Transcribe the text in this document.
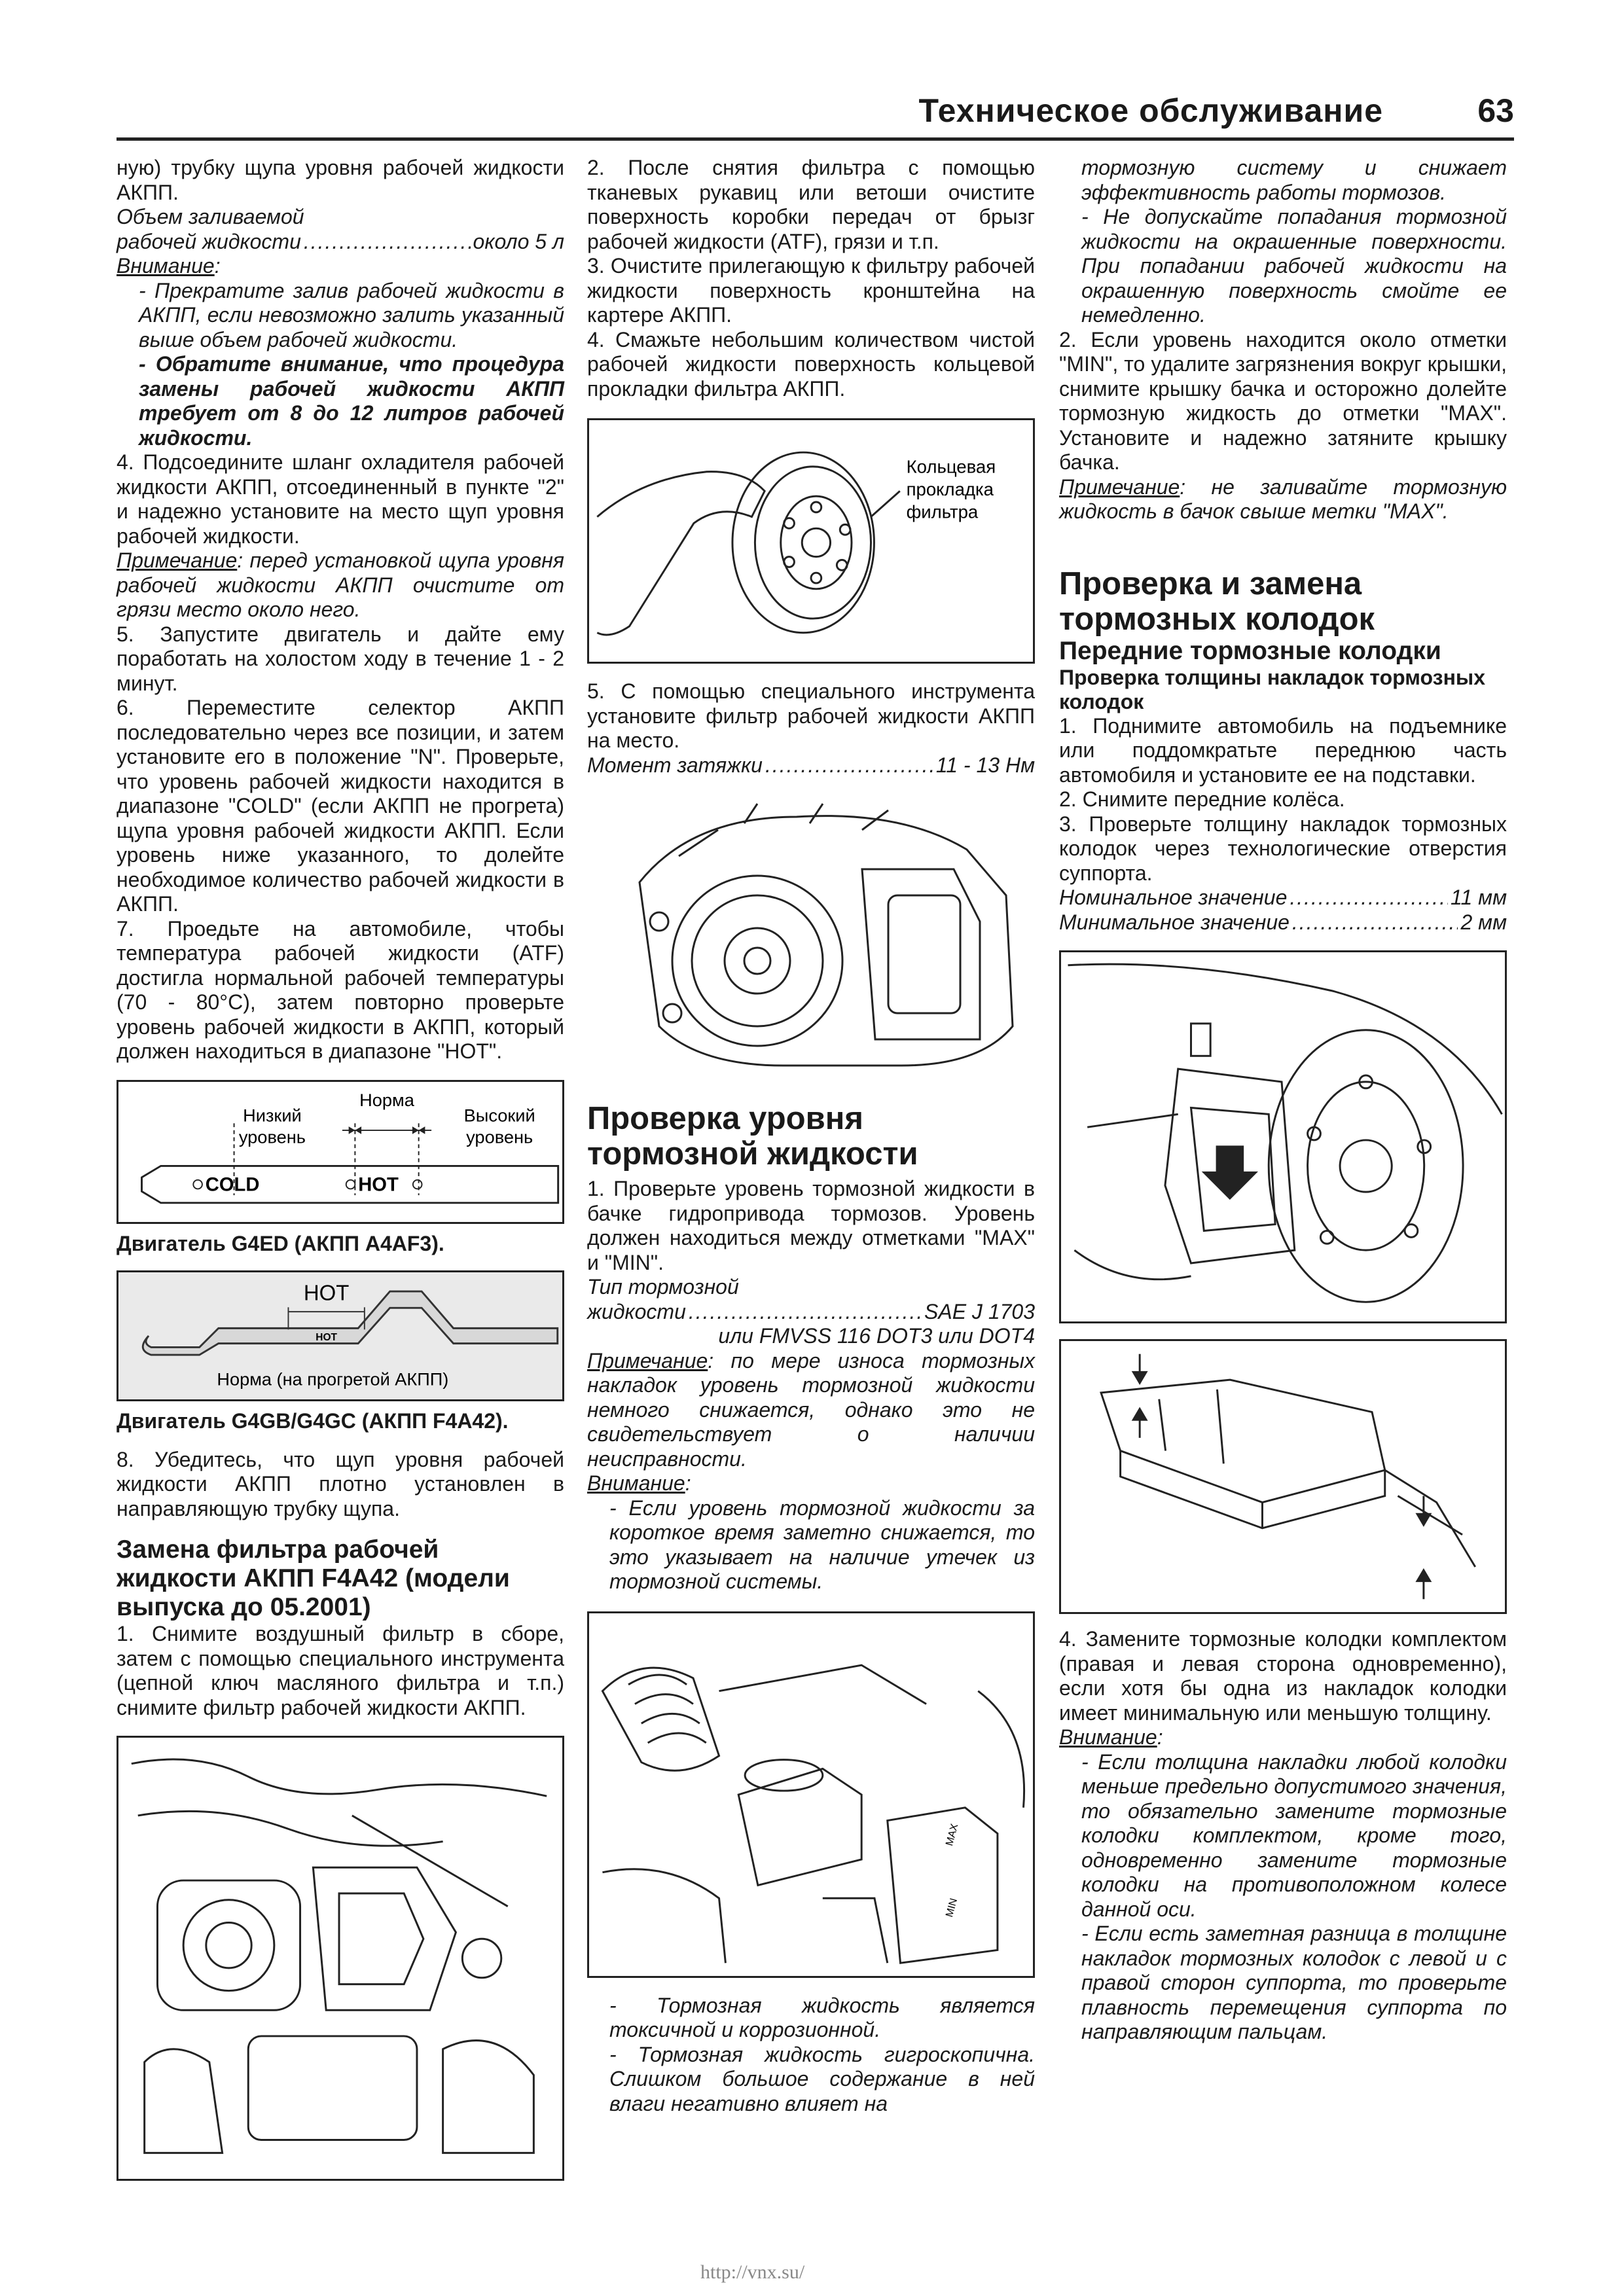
Техническое обслуживание	63

ную) трубку щупа уровня рабочей жидкости АКПП.

Объем заливаемой

рабочей жидкости .....	около 5 л

Внимание:

- Прекратите залив рабочей жидкости в АКПП, если невозможно залить указанный выше объем рабочей жидкости.

- Обратите внимание, что процедура замены рабочей жидкости АКПП требует от 8 до 12 литров рабочей жидкости.

4. Подсоедините шланг охладителя рабочей жидкости АКПП, отсоединенный в пункте "2" и надежно установите на место щуп уровня рабочей жидкости.

Примечание: перед установкой щупа уровня рабочей жидкости АКПП очистите от грязи место около него.

5. Запустите двигатель и дайте ему поработать на холостом ходу в течение 1 - 2 минут.

6. Переместите селектор АКПП последовательно через все позиции, и затем установите его в положение "N". Проверьте, что уровень рабочей жидкости находится в диапазоне "COLD" (если АКПП не прогрета) щупа уровня рабочей жидкости АКПП. Если уровень ниже указанного, то долейте необходимое количество рабочей жидкости в АКПП.

7. Проедьте на автомобиле, чтобы температура рабочей жидкости (ATF) достигла нормальной рабочей температуры (70 - 80°C), затем повторно проверьте уровень рабочей жидкости в АКПП, который должен находиться в диапазоне "HOT".

Норма
Низкий
уровень
Высокий
уровень
COLD	HOT

Двигатель G4ED (АКПП A4AF3).

HOT
HOT
Норма (на прогретой АКПП)

Двигатель G4GB/G4GC (АКПП F4A42).

8. Убедитесь, что щуп уровня рабочей жидкости АКПП плотно установлен в направляющую трубку щупа.

Замена фильтра рабочей жидкости АКПП F4A42 (модели выпуска до 05.2001)

1. Снимите воздушный фильтр в сборе, затем с помощью специального инструмента (цепной ключ масляного фильтра и т.п.) снимите фильтр рабочей жидкости АКПП.

2. После снятия фильтра с помощью тканевых рукавиц или ветоши очистите поверхность коробки передач от брызг рабочей жидкости (ATF), грязи и т.п.

3. Очистите прилегающую к фильтру рабочей жидкости поверхность кронштейна на картере АКПП.

4. Смажьте небольшим количеством чистой рабочей жидкости поверхность кольцевой прокладки фильтра АКПП.

Кольцевая
прокладка
фильтра

5. С помощью специального инструмента установите фильтр рабочей жидкости АКПП на место.

Момент затяжки .....	11 - 13 Нм
Проверка уровня тормозной жидкости

1. Проверьте уровень тормозной жидкости в бачке гидропривода тормозов. Уровень должен находиться между отметками "MAX" и "MIN".

Тип тормозной

жидкости .....	SAE J 1703

или FMVSS 116 DOT3 или DOT4

Примечание: по мере износа тормозных накладок уровень тормозной жидкости немного снижается, однако это не свидетельствует о наличии неисправности.

Внимание:

- Если уровень тормозной жидкости за короткое время заметно снижается, то это указывает на наличие утечек из тормозной системы.

MAX
MIN

- Тормозная жидкость является токсичной и коррозионной.

- Тормозная жидкость гигроскопична. Слишком большое содержание в ней влаги негативно влияет на

тормозную систему и снижает эффективность работы тормозов.

- Не допускайте попадания тормозной жидкости на окрашенные поверхности. При попадании рабочей жидкости на окрашенную поверхность смойте ее немедленно.

2. Если уровень находится около отметки "MIN", то удалите загрязнения вокруг крышки, снимите крышку бачка и осторожно долейте тормозную жидкость до отметки "MAX". Установите и надежно затяните крышку бачка.

Примечание: не заливайте тормозную жидкость в бачок свыше метки "MAX".

Проверка и замена тормозных колодок
Передние тормозные колодки
Проверка толщины накладок тормозных колодок

1. Поднимите автомобиль на подъемнике или поддомкратьте переднюю часть автомобиля и установите ее на подставки.

2. Снимите передние колёса.

3. Проверьте толщину накладок тормозных колодок через технологические отверстия суппорта.

Номинальное значение .....	11 мм
Минимальное значение .....	2 мм

4. Замените тормозные колодки комплектом (правая и левая сторона одновременно), если хотя бы одна из накладок колодки имеет минимальную или меньшую толщину.

Внимание:

- Если толщина накладки любой колодки меньше предельно допустимого значения, то обязательно замените тормозные колодки комплектом, кроме того, одновременно замените тормозные колодки на противоположном колесе данной оси.

- Если есть заметная разница в толщине накладок тормозных колодок с левой и с правой сторон суппорта, то проверьте плавность перемещения суппорта по направляющим пальцам.

http://vnx.su/
